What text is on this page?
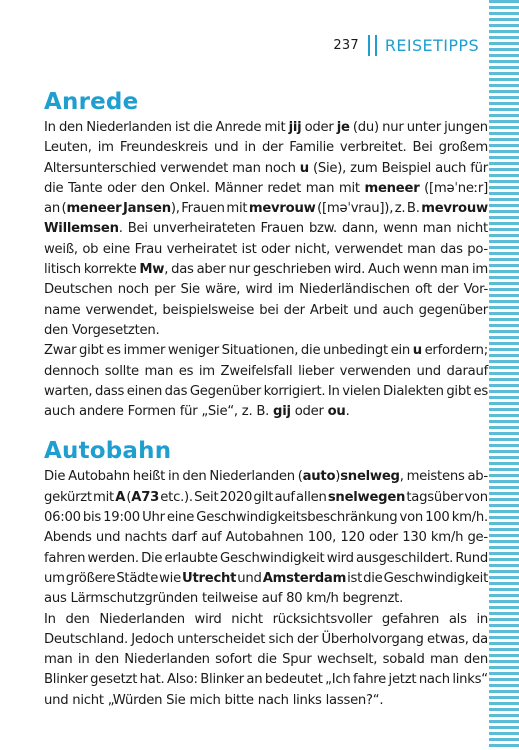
237 REISETIPPS
Anrede
In den Niederlanden ist die Anrede mit jij oder je (du) nur unter jungen
Leuten, im Freundeskreis und in der Familie verbreitet. Bei großem
Altersunterschied verwendet man noch u (Sie), zum Beispiel auch für
die Tante oder den Onkel. Männer redet man mit meneer ([məˈneːr]
an (meneer Jansen), Frauen mit mevrouw ([məˈvrau]), z. B. mevrouw
Willemsen. Bei unverheirateten Frauen bzw. dann, wenn man nicht
weiß, ob eine Frau verheiratet ist oder nicht, verwendet man das po-
litisch korrekte Mw, das aber nur geschrieben wird. Auch wenn man im
Deutschen noch per Sie wäre, wird im Niederländischen oft der Vor-
name verwendet, beispielsweise bei der Arbeit und auch gegenüber
den Vorgesetzten.
Zwar gibt es immer weniger Situationen, die unbedingt ein u erfordern;
dennoch sollte man es im Zweifelsfall lieber verwenden und darauf
warten, dass einen das Gegenüber korrigiert. In vielen Dialekten gibt es
auch andere Formen für „Sie“, z. B. gij oder ou.
Autobahn
Die Autobahn heißt in den Niederlanden (auto)snelweg, meistens ab-
gekürzt mit A (A73 etc.). Seit 2020 gilt auf allen snelwegen tagsüber von
06:00 bis 19:00 Uhr eine Geschwindigkeitsbeschränkung von 100 km/h.
Abends und nachts darf auf Autobahnen 100, 120 oder 130 km/h ge-
fahren werden. Die erlaubte Geschwindigkeit wird ausgeschildert. Rund
um größere Städte wie Utrecht und Amsterdam ist die Geschwindigkeit
aus Lärmschutzgründen teilweise auf 80 km/h begrenzt.
In den Niederlanden wird nicht rücksichtsvoller gefahren als in
Deutschland. Jedoch unterscheidet sich der Überholvorgang etwas, da
man in den Niederlanden sofort die Spur wechselt, sobald man den
Blinker gesetzt hat. Also: Blinker an bedeutet „Ich fahre jetzt nach links“
und nicht „Würden Sie mich bitte nach links lassen?“.
